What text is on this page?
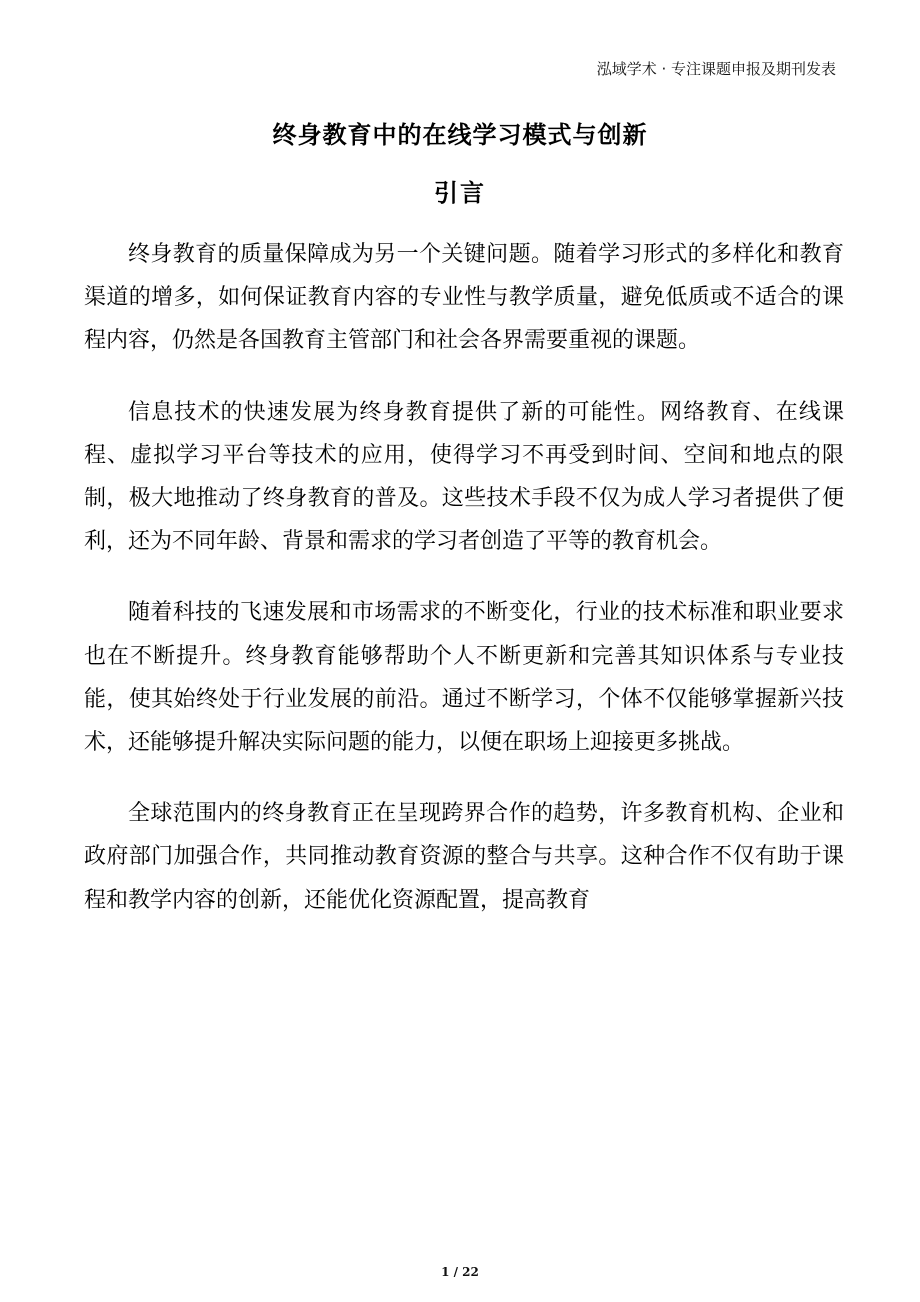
泓域学术 · 专注课题申报及期刊发表
终身教育中的在线学习模式与创新
引言

终身教育的质量保障成为另一个关键问题。随着学习形式的多样化和教育渠道的增多，如何保证教育内容的专业性与教学质量，避免低质或不适合的课程内容，仍然是各国教育主管部门和社会各界需要重视的课题。

信息技术的快速发展为终身教育提供了新的可能性。网络教育、在线课程、虚拟学习平台等技术的应用，使得学习不再受到时间、空间和地点的限制，极大地推动了终身教育的普及。这些技术手段不仅为成人学习者提供了便利，还为不同年龄、背景和需求的学习者创造了平等的教育机会。

随着科技的飞速发展和市场需求的不断变化，行业的技术标准和职业要求也在不断提升。终身教育能够帮助个人不断更新和完善其知识体系与专业技能，使其始终处于行业发展的前沿。通过不断学习，个体不仅能够掌握新兴技术，还能够提升解决实际问题的能力，以便在职场上迎接更多挑战。

全球范围内的终身教育正在呈现跨界合作的趋势，许多教育机构、企业和政府部门加强合作，共同推动教育资源的整合与共享。这种合作不仅有助于课程和教学内容的创新，还能优化资源配置，提高教育

1 / 22
